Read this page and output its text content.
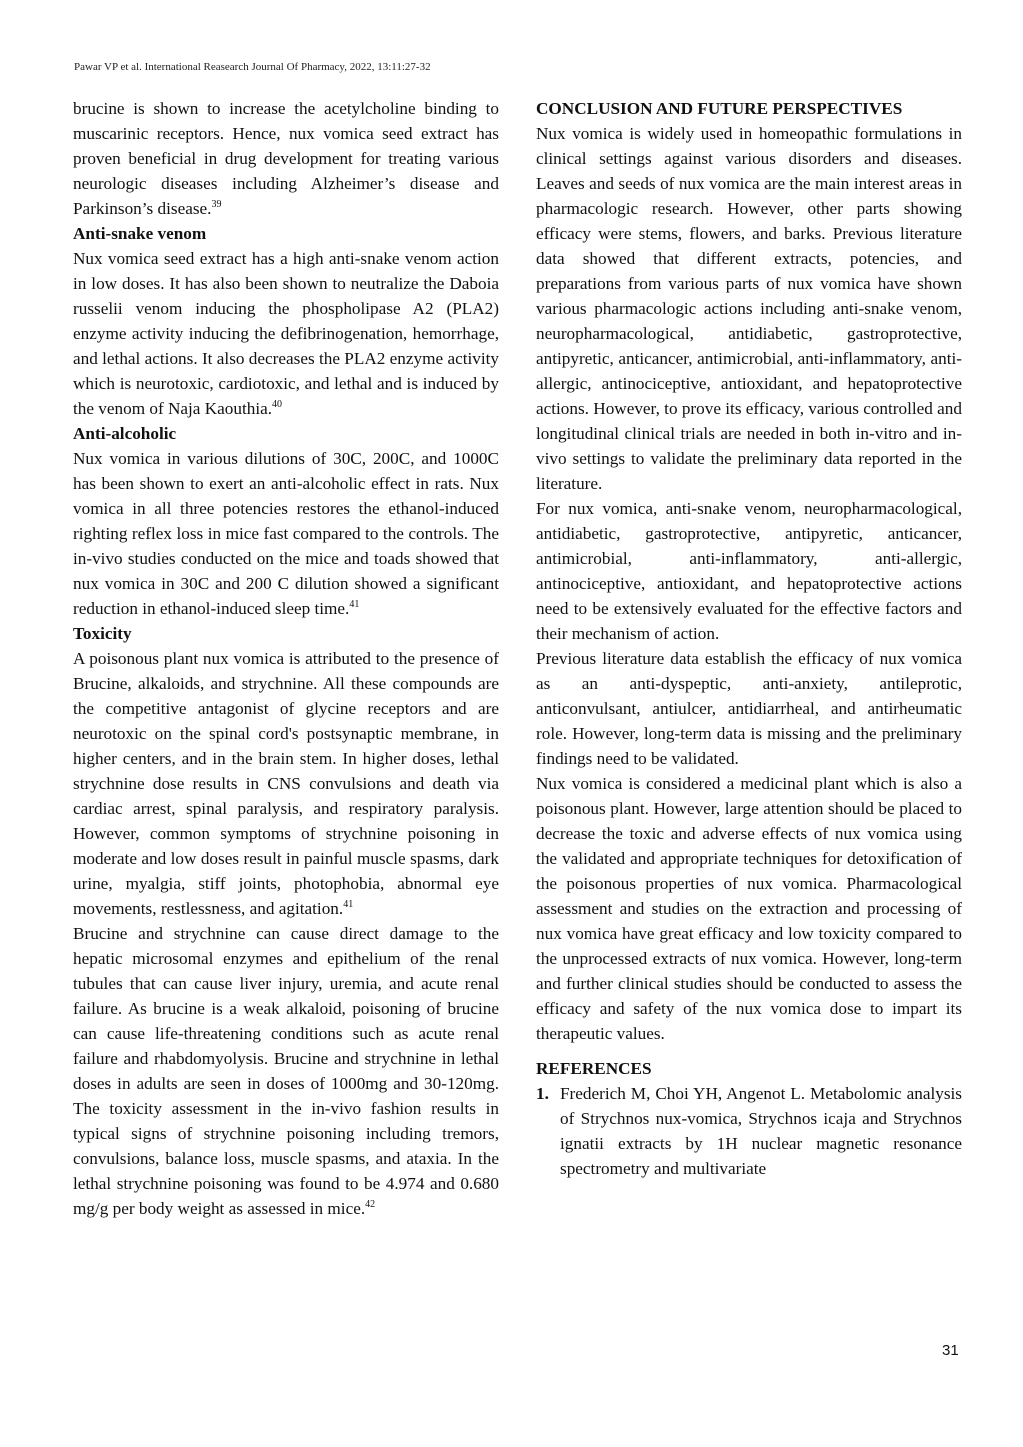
Pawar VP et al. International Reasearch Journal Of Pharmacy, 2022, 13:11:27-32

brucine is shown to increase the acetylcholine binding to muscarinic receptors. Hence, nux vomica seed extract has proven beneficial in drug development for treating various neurologic diseases including Alzheimer’s disease and Parkinson’s disease.$^{39}$

Anti-snake venom

Nux vomica seed extract has a high anti-snake venom action in low doses. It has also been shown to neutralize the Daboia russelii venom inducing the phospholipase A2 (PLA2) enzyme activity inducing the defibrinogenation, hemorrhage, and lethal actions. It also decreases the PLA2 enzyme activity which is neurotoxic, cardiotoxic, and lethal and is induced by the venom of Naja Kaouthia.$^{40}$

Anti-alcoholic

Nux vomica in various dilutions of 30C, 200C, and 1000C has been shown to exert an anti-alcoholic effect in rats. Nux vomica in all three potencies restores the ethanol-induced righting reflex loss in mice fast compared to the controls. The in-vivo studies conducted on the mice and toads showed that nux vomica in 30C and 200 C dilution showed a significant reduction in ethanol-induced sleep time.$^{41}$

Toxicity

A poisonous plant nux vomica is attributed to the presence of Brucine, alkaloids, and strychnine. All these compounds are the competitive antagonist of glycine receptors and are neurotoxic on the spinal cord's postsynaptic membrane, in higher centers, and in the brain stem. In higher doses, lethal strychnine dose results in CNS convulsions and death via cardiac arrest, spinal paralysis, and respiratory paralysis. However, common symptoms of strychnine poisoning in moderate and low doses result in painful muscle spasms, dark urine, myalgia, stiff joints, photophobia, abnormal eye movements, restlessness, and agitation.$^{41}$

Brucine and strychnine can cause direct damage to the hepatic microsomal enzymes and epithelium of the renal tubules that can cause liver injury, uremia, and acute renal failure. As brucine is a weak alkaloid, poisoning of brucine can cause life-threatening conditions such as acute renal failure and rhabdomyolysis. Brucine and strychnine in lethal doses in adults are seen in doses of 1000mg and 30-120mg. The toxicity assessment in the in-vivo fashion results in typical signs of strychnine poisoning including tremors, convulsions, balance loss, muscle spasms, and ataxia. In the lethal strychnine poisoning was found to be 4.974 and 0.680 mg/g per body weight as assessed in mice.$^{42}$

CONCLUSION AND FUTURE PERSPECTIVES

Nux vomica is widely used in homeopathic formulations in clinical settings against various disorders and diseases. Leaves and seeds of nux vomica are the main interest areas in pharmacologic research. However, other parts showing efficacy were stems, flowers, and barks. Previous literature data showed that different extracts, potencies, and preparations from various parts of nux vomica have shown various pharmacologic actions including anti-snake venom, neuropharmacological, antidiabetic, gastroprotective, antipyretic, anticancer, antimicrobial, anti-inflammatory, anti-allergic, antinociceptive, antioxidant, and hepatoprotective actions. However, to prove its efficacy, various controlled and longitudinal clinical trials are needed in both in-vitro and in-vivo settings to validate the preliminary data reported in the literature.

For nux vomica, anti-snake venom, neuropharmacological, antidiabetic, gastroprotective, antipyretic, anticancer, antimicrobial, anti-inflammatory, anti-allergic, antinociceptive, antioxidant, and hepatoprotective actions need to be extensively evaluated for the effective factors and their mechanism of action.

Previous literature data establish the efficacy of nux vomica as an anti-dyspeptic, anti-anxiety, antileprotic, anticonvulsant, antiulcer, antidiarrheal, and antirheumatic role. However, long-term data is missing and the preliminary findings need to be validated.

Nux vomica is considered a medicinal plant which is also a poisonous plant. However, large attention should be placed to decrease the toxic and adverse effects of nux vomica using the validated and appropriate techniques for detoxification of the poisonous properties of nux vomica. Pharmacological assessment and studies on the extraction and processing of nux vomica have great efficacy and low toxicity compared to the unprocessed extracts of nux vomica. However, long-term and further clinical studies should be conducted to assess the efficacy and safety of the nux vomica dose to impart its therapeutic values.

REFERENCES
1. Frederich M, Choi YH, Angenot L. Metabolomic analysis of Strychnos nux-vomica, Strychnos icaja and Strychnos ignatii extracts by 1H nuclear magnetic resonance spectrometry and multivariate
31
